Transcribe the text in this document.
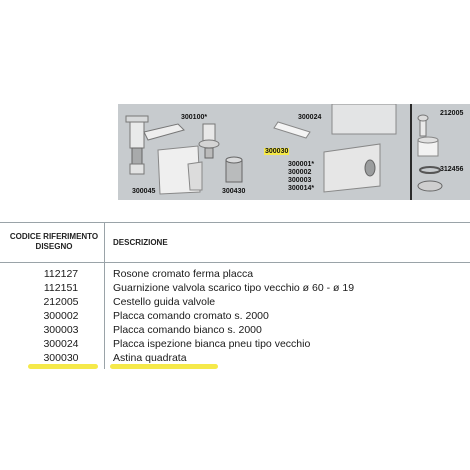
300100*	300024
212005
300030
300001*
300002
300003
300014*
300045	300430
312456
CODICE RIFERIMENTO
DISEGNO	DESCRIZIONE
112127	Rosone cromato ferma placca
112151	Guarnizione valvola scarico tipo vecchio ø 60 - ø 19
212005	Cestello guida valvole
300002	Placca comando cromato s. 2000
300003	Placca comando bianco s. 2000
300024	Placca ispezione bianca pneu tipo vecchio
300030	Astina quadrata
